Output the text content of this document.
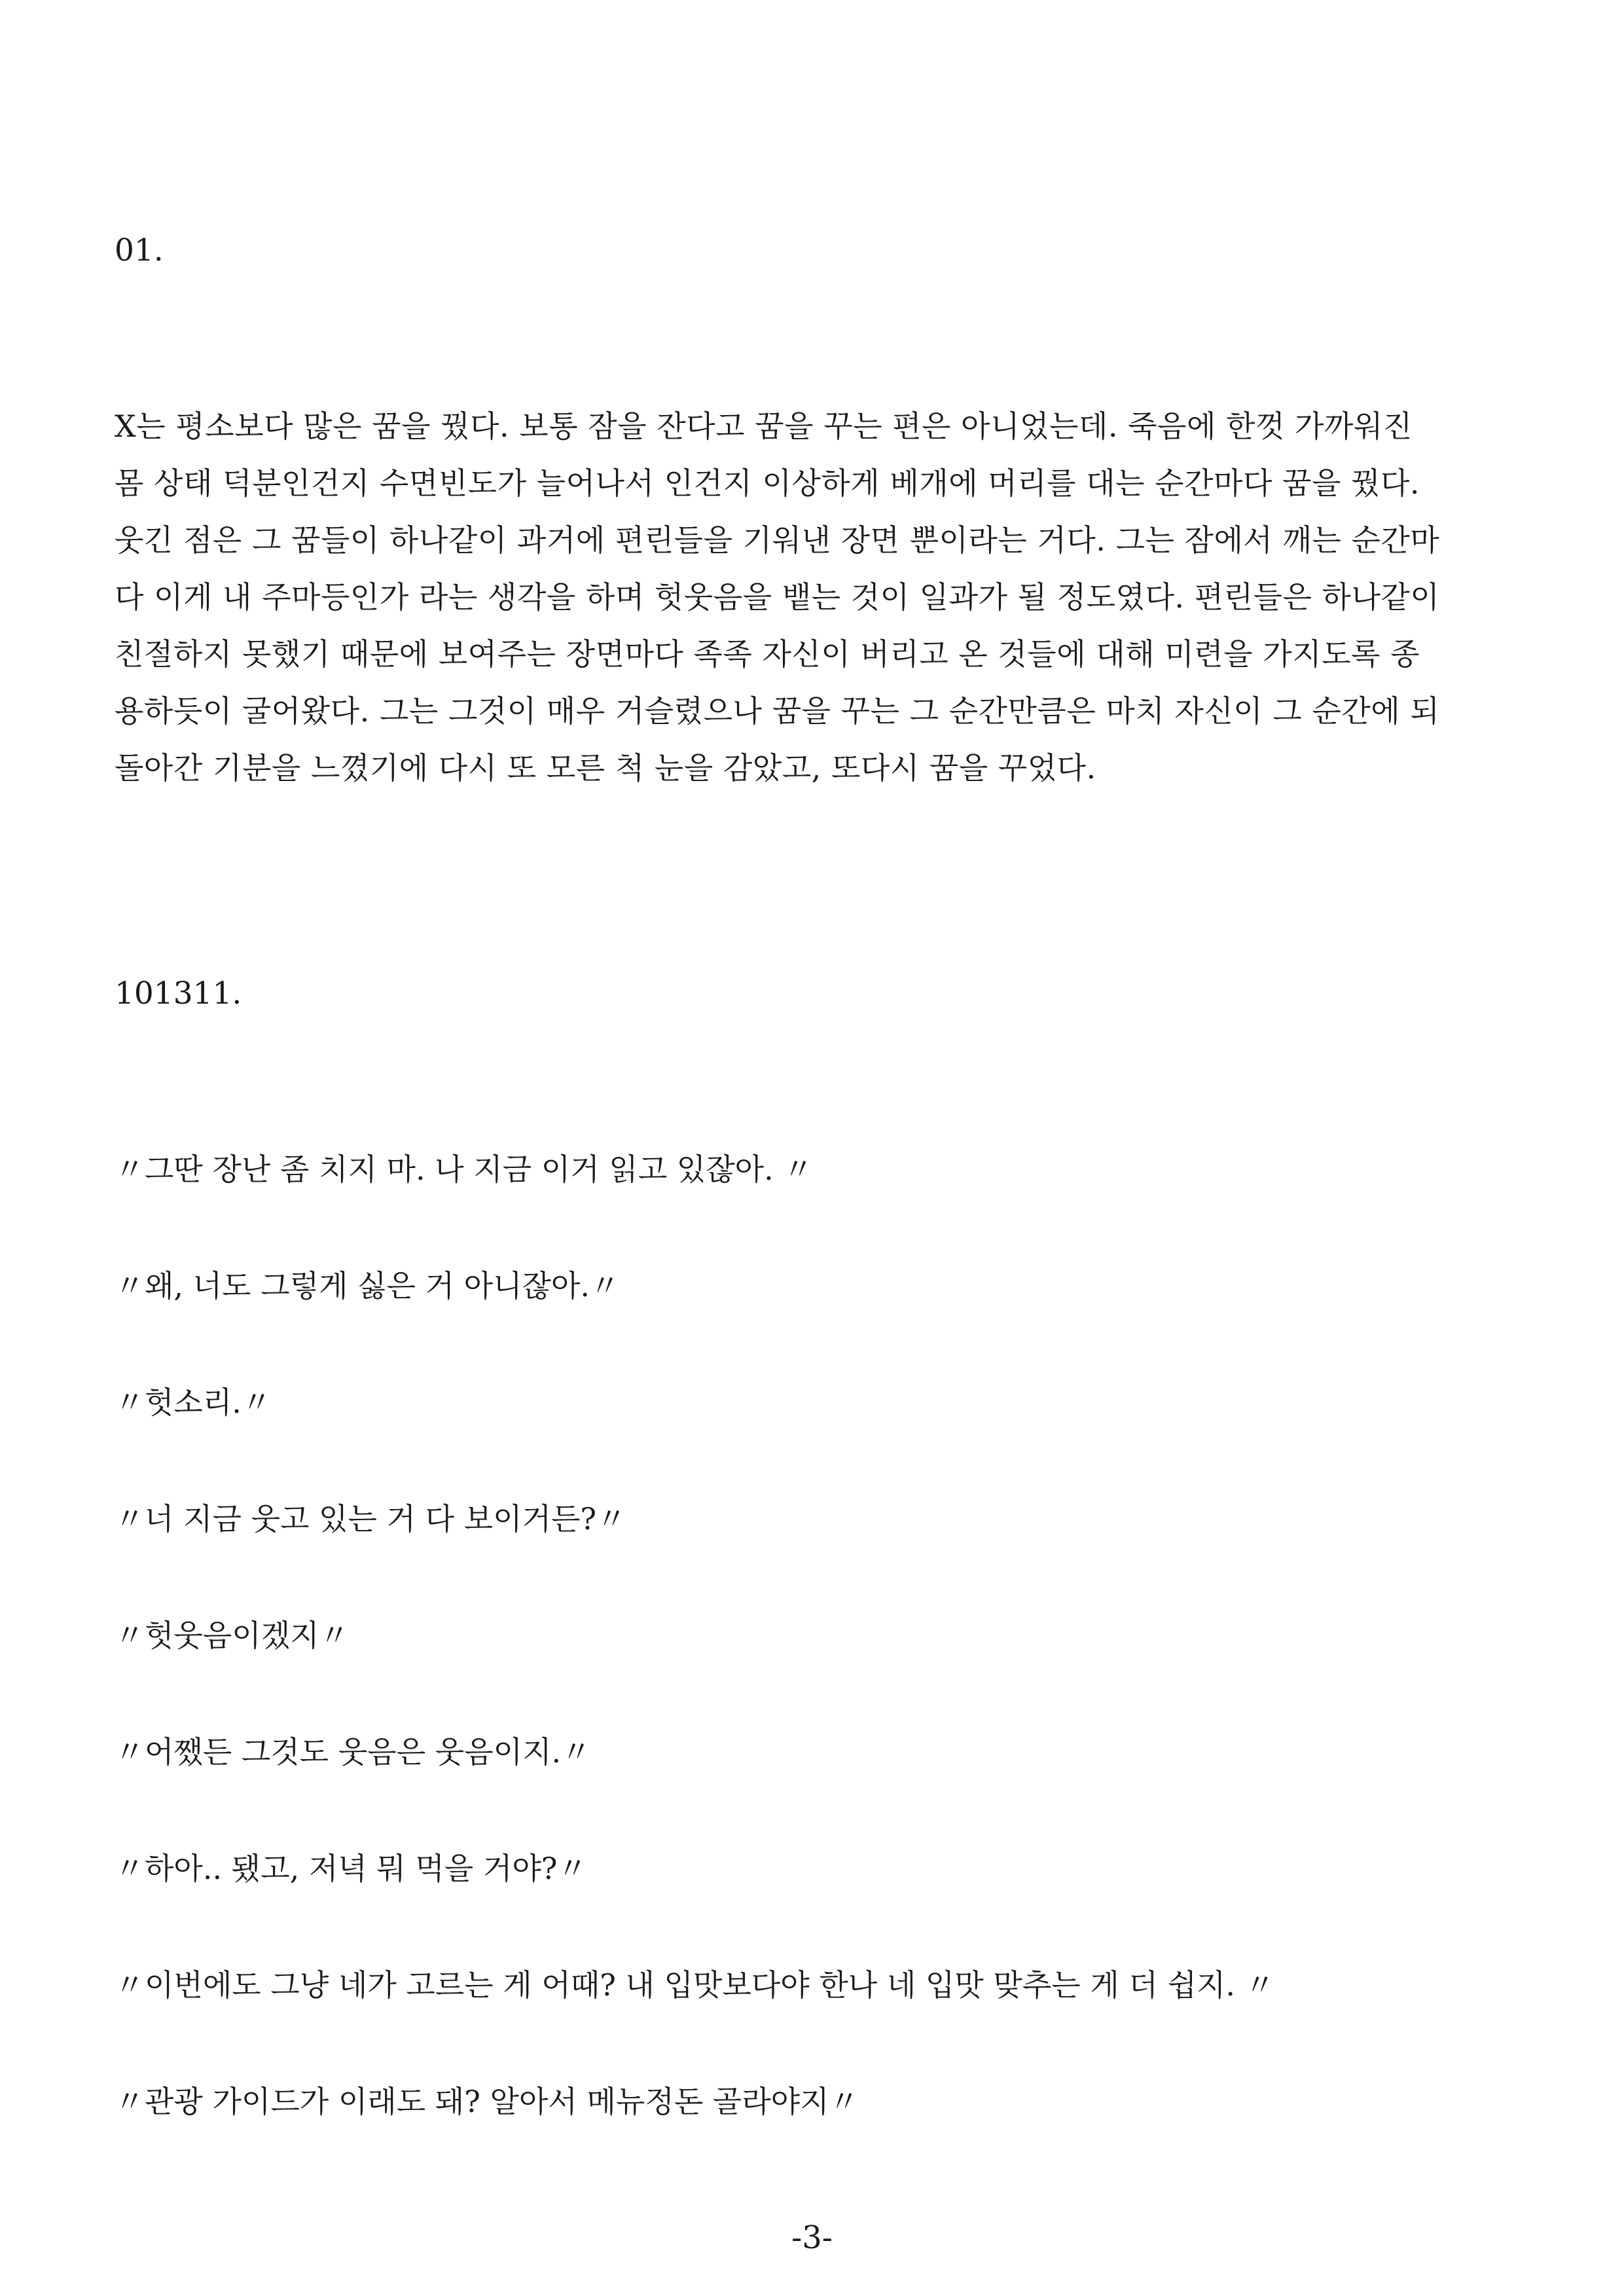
01.
X는 평소보다 많은 꿈을 꿨다. 보통 잠을 잔다고 꿈을 꾸는 편은 아니었는데. 죽음에 한껏 가까워진
몸 상태 덕분인건지 수면빈도가 늘어나서 인건지 이상하게 베개에 머리를 대는 순간마다 꿈을 꿨다.
웃긴 점은 그 꿈들이 하나같이 과거에 편린들을 기워낸 장면 뿐이라는 거다. 그는 잠에서 깨는 순간마
다 이게 내 주마등인가 라는 생각을 하며 헛웃음을 뱉는 것이 일과가 될 정도였다. 편린들은 하나같이
친절하지 못했기 때문에 보여주는 장면마다 족족 자신이 버리고 온 것들에 대해 미련을 가지도록 종
용하듯이 굴어왔다. 그는 그것이 매우 거슬렸으나 꿈을 꾸는 그 순간만큼은 마치 자신이 그 순간에 되
돌아간 기분을 느꼈기에 다시 또 모른 척 눈을 감았고, 또다시 꿈을 꾸었다.
101311.
〃그딴 장난 좀 치지 마. 나 지금 이거 읽고 있잖아. 〃
〃왜, 너도 그렇게 싫은 거 아니잖아.〃
〃헛소리.〃
〃너 지금 웃고 있는 거 다 보이거든?〃
〃헛웃음이겠지〃
〃어쨌든 그것도 웃음은 웃음이지.〃
〃하아.. 됐고, 저녁 뭐 먹을 거야?〃
〃이번에도 그냥 네가 고르는 게 어때? 내 입맛보다야 한나 네 입맛 맞추는 게 더 쉽지. 〃
〃관광 가이드가 이래도 돼? 알아서 메뉴정돈 골라야지〃
-3-
